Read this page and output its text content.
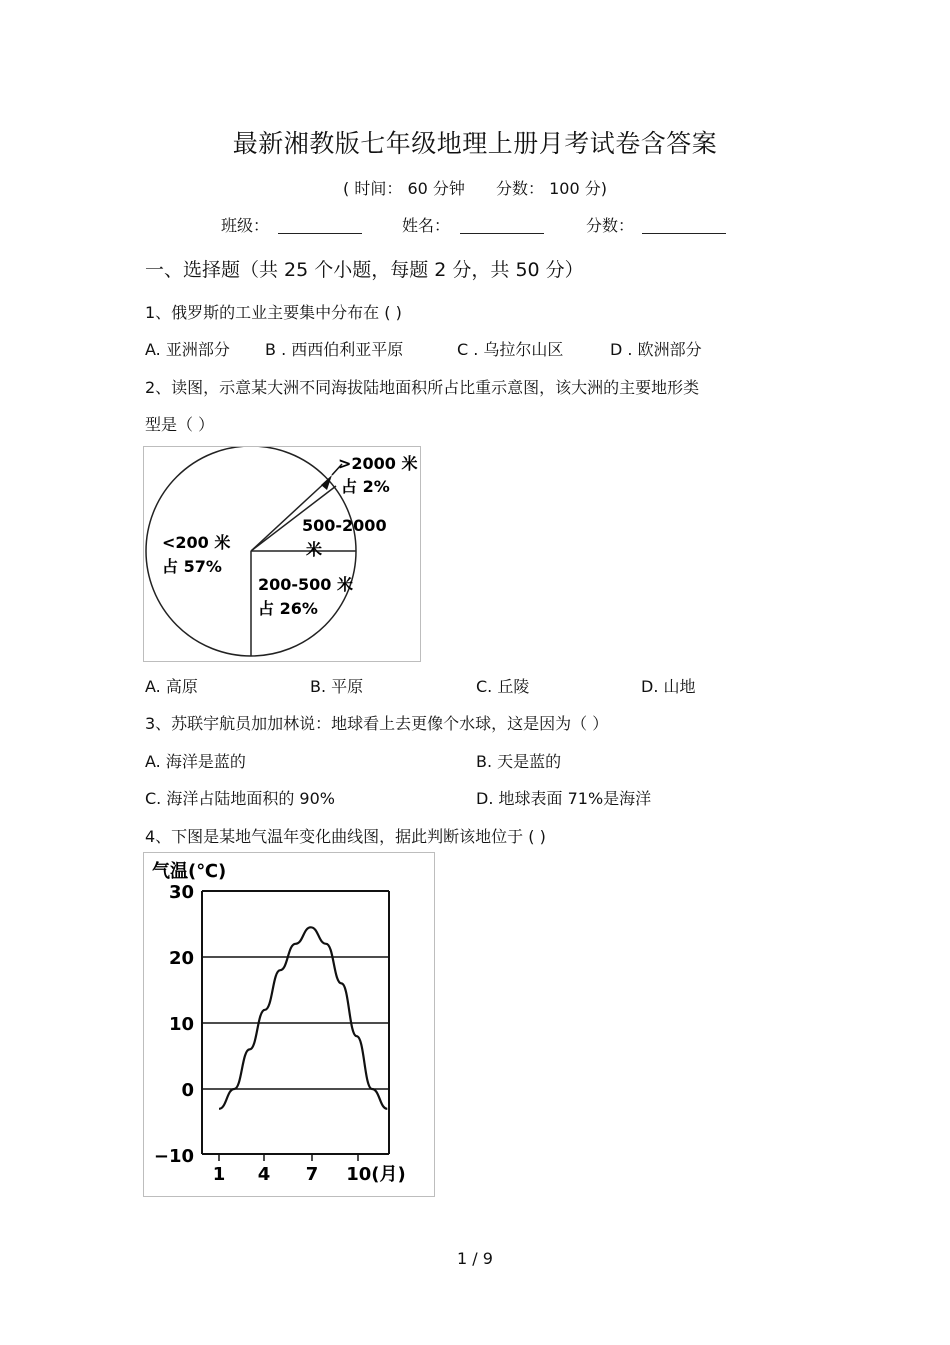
最新湘教版七年级地理上册月考试卷含答案
( 时间： 60 分钟 分数： 100 分)
班级：	姓名：	分数：
一、选择题（共 25 个小题，每题 2 分，共 50 分）
1、俄罗斯的工业主要集中分布在 ( )
A. 亚洲部分 B . 西西伯利亚平原	C . 乌拉尔山区	D . 欧洲部分
2、读图，示意某大洲不同海拔陆地面积所占比重示意图，该大洲的主要地形类
型是（ ）
>2000 米
占 2%
500-2000
米
<200 米
占 57%
200-500 米
占 26%
A. 高原	B. 平原	C. 丘陵	D. 山地
3、苏联宇航员加加林说：地球看上去更像个水球，这是因为（ ）
A. 海洋是蓝的	B. 天是蓝的
C. 海洋占陆地面积的 90%	D. 地球表面 71%是海洋
4、下图是某地气温年变化曲线图，据此判断该地位于 ( )
气温(℃)
30
20
10
0
−10
1 4 7 10(月)
1 / 9
